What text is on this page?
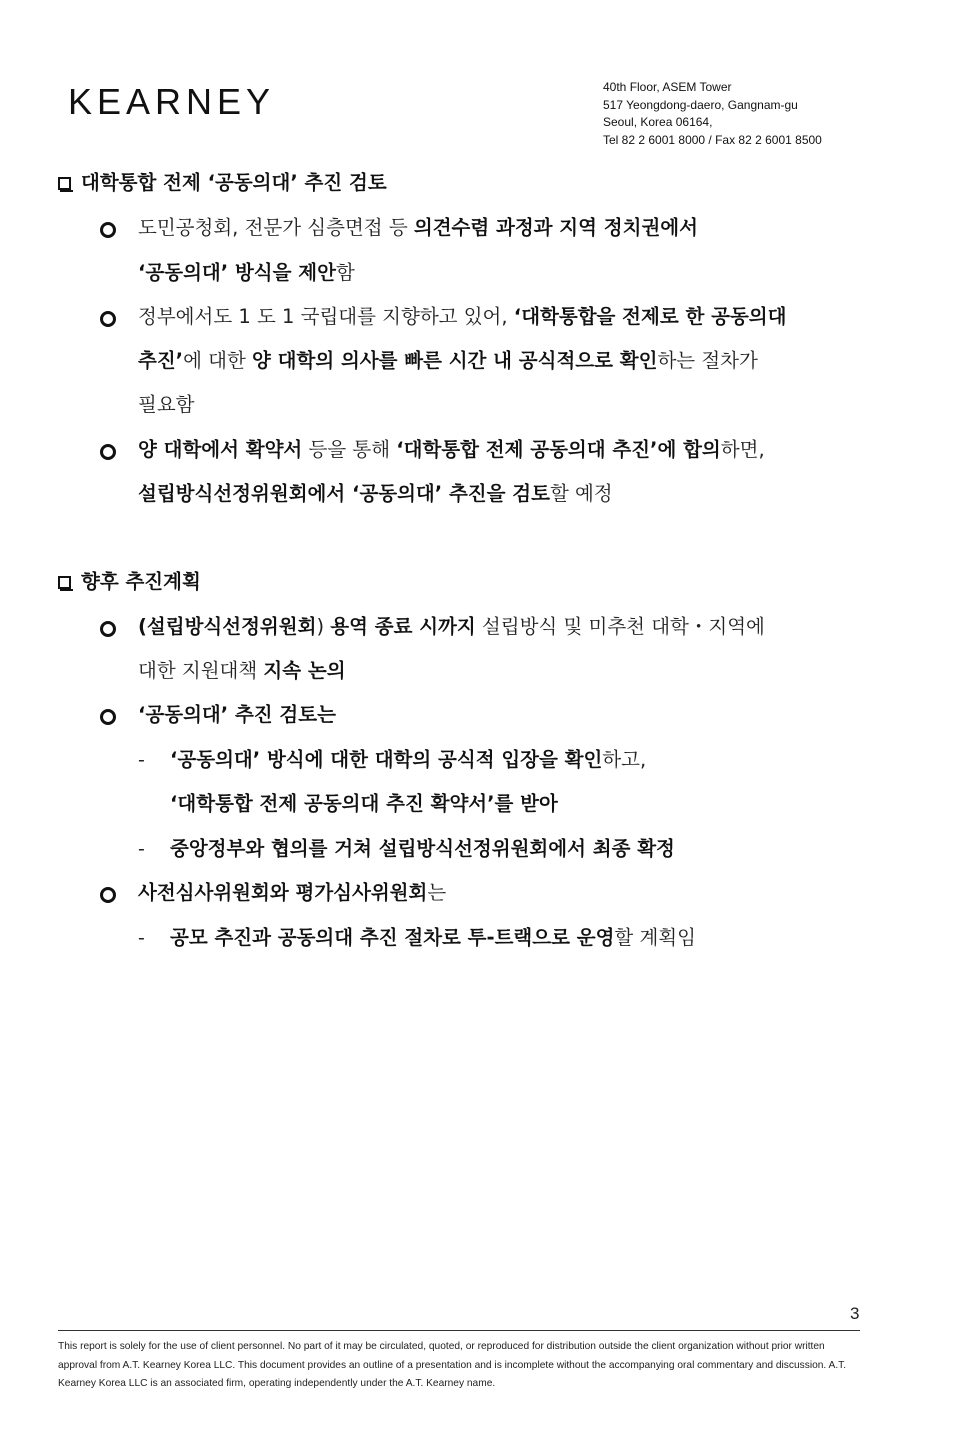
KEARNEY	40th Floor, ASEM Tower
517 Yeongdong-daero, Gangnam-gu
Seoul, Korea 06164,
Tel 82 2 6001 8000 / Fax 82 2 6001 8500
대학통합 전제 ‘공동의대’ 추진 검토
도민공청회, 전문가 심층면접 등 의견수렴 과정과 지역 정치권에서
‘공동의대’ 방식을 제안함
정부에서도 1 도 1 국립대를 지향하고 있어, ‘대학통합을 전제로 한 공동의대
추진’에 대한 양 대학의 의사를 빠른 시간 내 공식적으로 확인하는 절차가
필요함
양 대학에서 확약서 등을 통해 ‘대학통합 전제 공동의대 추진’에 합의하면,
설립방식선정위원회에서 ‘공동의대’ 추진을 검토할 예정
향후 추진계획
(설립방식선정위원회) 용역 종료 시까지 설립방식 및 미추천 대학・지역에
대한 지원대책 지속 논의
‘공동의대’ 추진 검토는
- ‘공동의대’ 방식에 대한 대학의 공식적 입장을 확인하고,
‘대학통합 전제 공동의대 추진 확약서’를 받아
- 중앙정부와 협의를 거쳐 설립방식선정위원회에서 최종 확정
사전심사위원회와 평가심사위원회는
- 공모 추진과 공동의대 추진 절차로 투-트랙으로 운영할 계획임
3
This report is solely for the use of client personnel. No part of it may be circulated, quoted, or reproduced for distribution outside the client organization without prior written approval from A.T. Kearney Korea LLC. This document provides an outline of a presentation and is incomplete without the accompanying oral commentary and discussion. A.T. Kearney Korea LLC is an associated firm, operating independently under the A.T. Kearney name.
